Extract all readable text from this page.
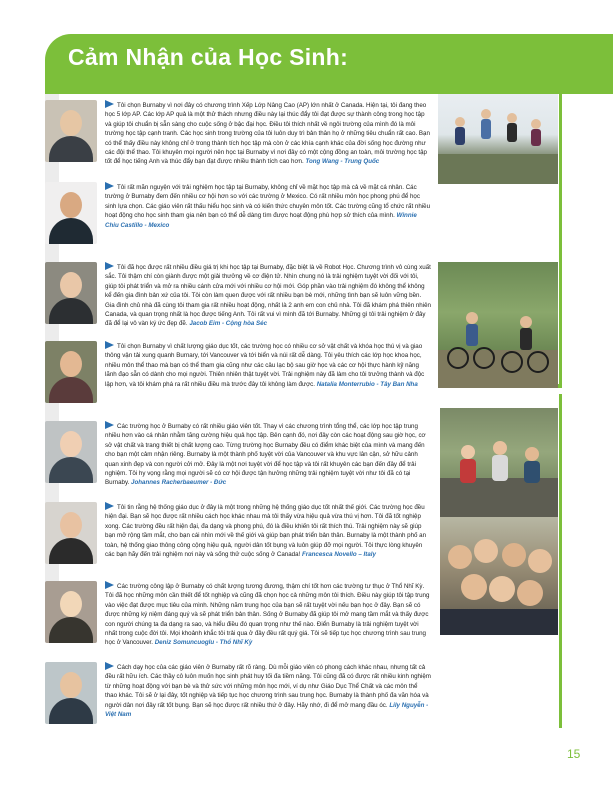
Cảm Nhận của Học Sinh:

Tôi chọn Burnaby vì nơi đây có chương trình Xếp Lớp Nâng Cao (AP) lớn nhất ở Canada. Hiện tại, tôi đang theo học 5 lớp AP. Các lớp AP quả là một thử thách nhưng điều này lại thúc đẩy tôi đạt được sự thành công trong học tập và giúp tôi chuẩn bị sẵn sàng cho cuộc sống ở bậc đại học. Điều tôi thích nhất về ngôi trường của mình đó là môi trường học tập cạnh tranh. Các học sinh trong trường của tôi luôn duy trì bản thân họ ở những tiêu chuẩn rất cao. Bạn có thể thấy điều này không chỉ ở trong thành tích học tập mà còn ở các khía cạnh khác của đời sống học đường như các đội thể thao. Tôi khuyên mọi người nên học tại Burnaby vì nơi đây có một cộng đồng an toàn, môi trường học tập tốt để học tiếng Anh và thúc đẩy bạn đạt được nhiều thành tích cao hơn. Tong Wang - Trung Quốc

Tôi rất mãn nguyện với trải nghiệm học tập tại Burnaby, không chỉ về mặt học tập mà cả về mặt cá nhân. Các trường ở Burnaby đem đến nhiều cơ hội hơn so với các trường ở Mexico. Có rất nhiều môn học phong phú để học sinh lựa chọn. Các giáo viên rất thấu hiểu học sinh và có kiến thức chuyên môn tốt. Các trường cũng tổ chức rất nhiều hoạt động cho học sinh tham gia nên bạn có thể dễ dàng tìm được hoạt động phù hợp sở thích của mình. Winnie Chiu Castillo - Mexico

Tôi đã học được rất nhiều điều giá trị khi học tập tại Burnaby, đặc biệt là về Robot Học. Chương trình vô cùng xuất sắc. Tôi thậm chí còn giành được một giải thưởng về cơ điện tử. Nhìn chung nó là trải nghiệm tuyệt vời đối với tôi, giúp tôi phát triển và mở ra nhiều cánh cửa mới với nhiều cơ hội mới. Góp phần vào trải nghiệm đó không thể không kể đến gia đình bản xứ của tôi. Tôi còn làm quen được với rất nhiều bạn bè mới, những tình bạn sẽ luôn vững bền. Gia đình chủ nhà đã cùng tôi tham gia rất nhiều hoạt động, nhất là 2 anh em con chủ nhà. Tôi đã khám phá thiên nhiên Canada, và quan trọng nhất là học được tiếng Anh. Tôi rất vui vì mình đã tới Burnaby. Những gì tôi trải nghiệm ở đây đã để lại vô vàn ký ức đẹp đẽ. Jacob Eim - Cộng hòa Séc

Tôi chọn Burnaby vì chất lượng giáo dục tốt, các trường học có nhiều cơ sở vật chất và khóa học thú vị và giao thông vận tải xung quanh Burnary, tới Vancouver và tới biển và núi rất dễ dàng. Tôi yêu thích các lớp học khoa học, nhiều môn thể thao mà bạn có thể tham gia cũng như các câu lạc bộ sau giờ học và các cơ hội thực hành kỹ năng lãnh đạo sẵn có dành cho mọi người. Thiên nhiên thật tuyệt vời. Trải nghiệm này đã làm cho tôi trưởng thành và độc lập hơn, và tôi khám phá ra rất nhiều điều mà trước đây tôi không làm được. Natalia Monterrubio - Tây Ban Nha

Các trường học ở Burnaby có rất nhiều giáo viên tốt. Thay vì các chương trình tổng thể, các lớp học tập trung nhiều hơn vào cá nhân nhằm tăng cường hiệu quả học tập. Bên cạnh đó, nơi đây còn các hoạt động sau giờ học, cơ sở vật chất và trang thiết bị chất lượng cao. Từng trường học Burnaby đều có điểm khác biệt của mình và mang đến cho bạn một cảm nhận riêng. Burnaby là một thành phố tuyệt vời của Vancouver và khu vực lân cận, sở hữu cảnh quan xinh đẹp và con người cởi mở. Đây là một nơi tuyệt vời để học tập và tôi rất khuyên các bạn đến đây để trải nghiệm. Tôi hy vọng rằng mọi người sẽ có cơ hội được tận hưởng những trải nghiệm tuyệt vời như tôi đã có tại Burnaby. Johannes Racherbaeumer - Đức

Tôi tin rằng hệ thống giáo dục ở đây là một trong những hệ thống giáo dục tốt nhất thế giới. Các trường học đều hiện đại. Bạn sẽ học được rất nhiều cách học khác nhau mà tôi thấy vừa hiệu quả vừa thú vị hơn. Tôi đã tốt nghiệp xong. Các trường đều rất hiện đại, đa dạng và phong phú, đó là điều khiến tôi rất thích thú. Trải nghiệm này sẽ giúp bạn mở rộng tầm mắt, cho bạn cái nhìn mới về thế giới và giúp bạn phát triển bản thân. Burnaby là một thành phố an toàn, hệ thống giao thông công cộng hiệu quả, người dân tốt bụng và luôn giúp đỡ mọi người. Tôi thực lòng khuyên các bạn hãy đến trải nghiệm nơi này và sống thử cuộc sống ở Canada! Francesca Novello – Italy

Các trường công lập ở Burnaby có chất lượng tương đương, thậm chí tốt hơn các trường tư thục ở Thổ Nhĩ Kỳ. Tôi đã học những môn cần thiết để tốt nghiệp và cũng đã chọn học cả những môn tôi thích. Điều này giúp tôi tập trung vào việc đạt được mục tiêu của mình. Những năm trung học của bạn sẽ rất tuyệt vời nếu bạn học ở đây. Bạn sẽ có được những ký niệm đáng quý và sẽ phát triển bản thân. Sống ở Burnaby đã giúp tôi mở mang tầm mắt và thấy được con người chúng ta đa dạng ra sao, và hiểu điều đó quan trọng như thế nào. Điển Burnaby là trải nghiệm tuyệt vời nhất trong cuộc đời tôi. Mọi khoảnh khắc tôi trải qua ở đây đều rất quý giá. Tôi sẽ tiếp tục học chương trình sau trung học ở Vancouver. Deniz Somuncuoglu - Thổ Nhĩ Kỳ

Cách dạy học của các giáo viên ở Burnaby rất rõ ràng. Dù mỗi giáo viên có phong cách khác nhau, nhưng tất cả đều rất hữu ích. Các thầy cô luôn muốn học sinh phát huy tối đa tiềm năng. Tôi cũng đã có được rất nhiều kinh nghiệm từ những hoạt động với bạn bè và thử sức với những môn học mới, ví dụ như Giáo Dục Thể Chất và các môn thể thao khác. Tôi sẽ ở lại đây, tốt nghiệp và tiếp tục học chương trình sau trung học. Burnaby là thành phố đa văn hóa và người dân nơi đây rất tốt bụng. Bạn sẽ học được rất nhiều thứ ở đây. Hãy nhớ, đi để mở mang đầu óc. Lily Nguyễn - Việt Nam

15
